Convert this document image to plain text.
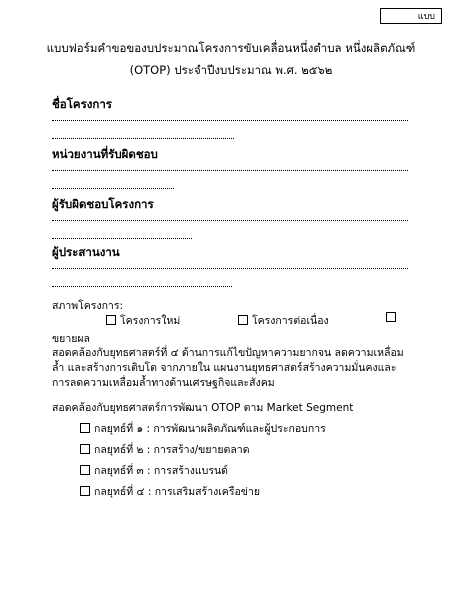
แบบ
แบบฟอร์มคำขอของบประมาณโครงการขับเคลื่อนหนึ่งตำบล หนึ่งผลิตภัณฑ์
(OTOP) ประจำปีงบประมาณ พ.ศ. ๒๕๖๒
ชื่อโครงการ
หน่วยงานที่รับผิดชอบ
ผู้รับผิดชอบโครงการ
ผู้ประสานงาน
สภาพโครงการ:
โครงการใหม่	โครงการต่อเนื่อง
ขยายผล
สอดคล้องกับยุทธศาสตร์ที่ ๔ ด้านการแก้ไขปัญหาความยากจน ลดความเหลื่อมล้ำ และสร้างการเติบโต จากภายใน แผนงานยุทธศาสตร์สร้างความมั่นคงและการลดความเหลื่อมล้ำทางด้านเศรษฐกิจและสังคม
สอดคล้องกับยุทธศาสตร์การพัฒนา OTOP ตาม Market Segment
กลยุทธ์ที่ ๑ : การพัฒนาผลิตภัณฑ์และผู้ประกอบการ
กลยุทธ์ที่ ๒ : การสร้าง/ขยายตลาด
กลยุทธ์ที่ ๓ : การสร้างแบรนด์
กลยุทธ์ที่ ๔ : การเสริมสร้างเครือข่าย
